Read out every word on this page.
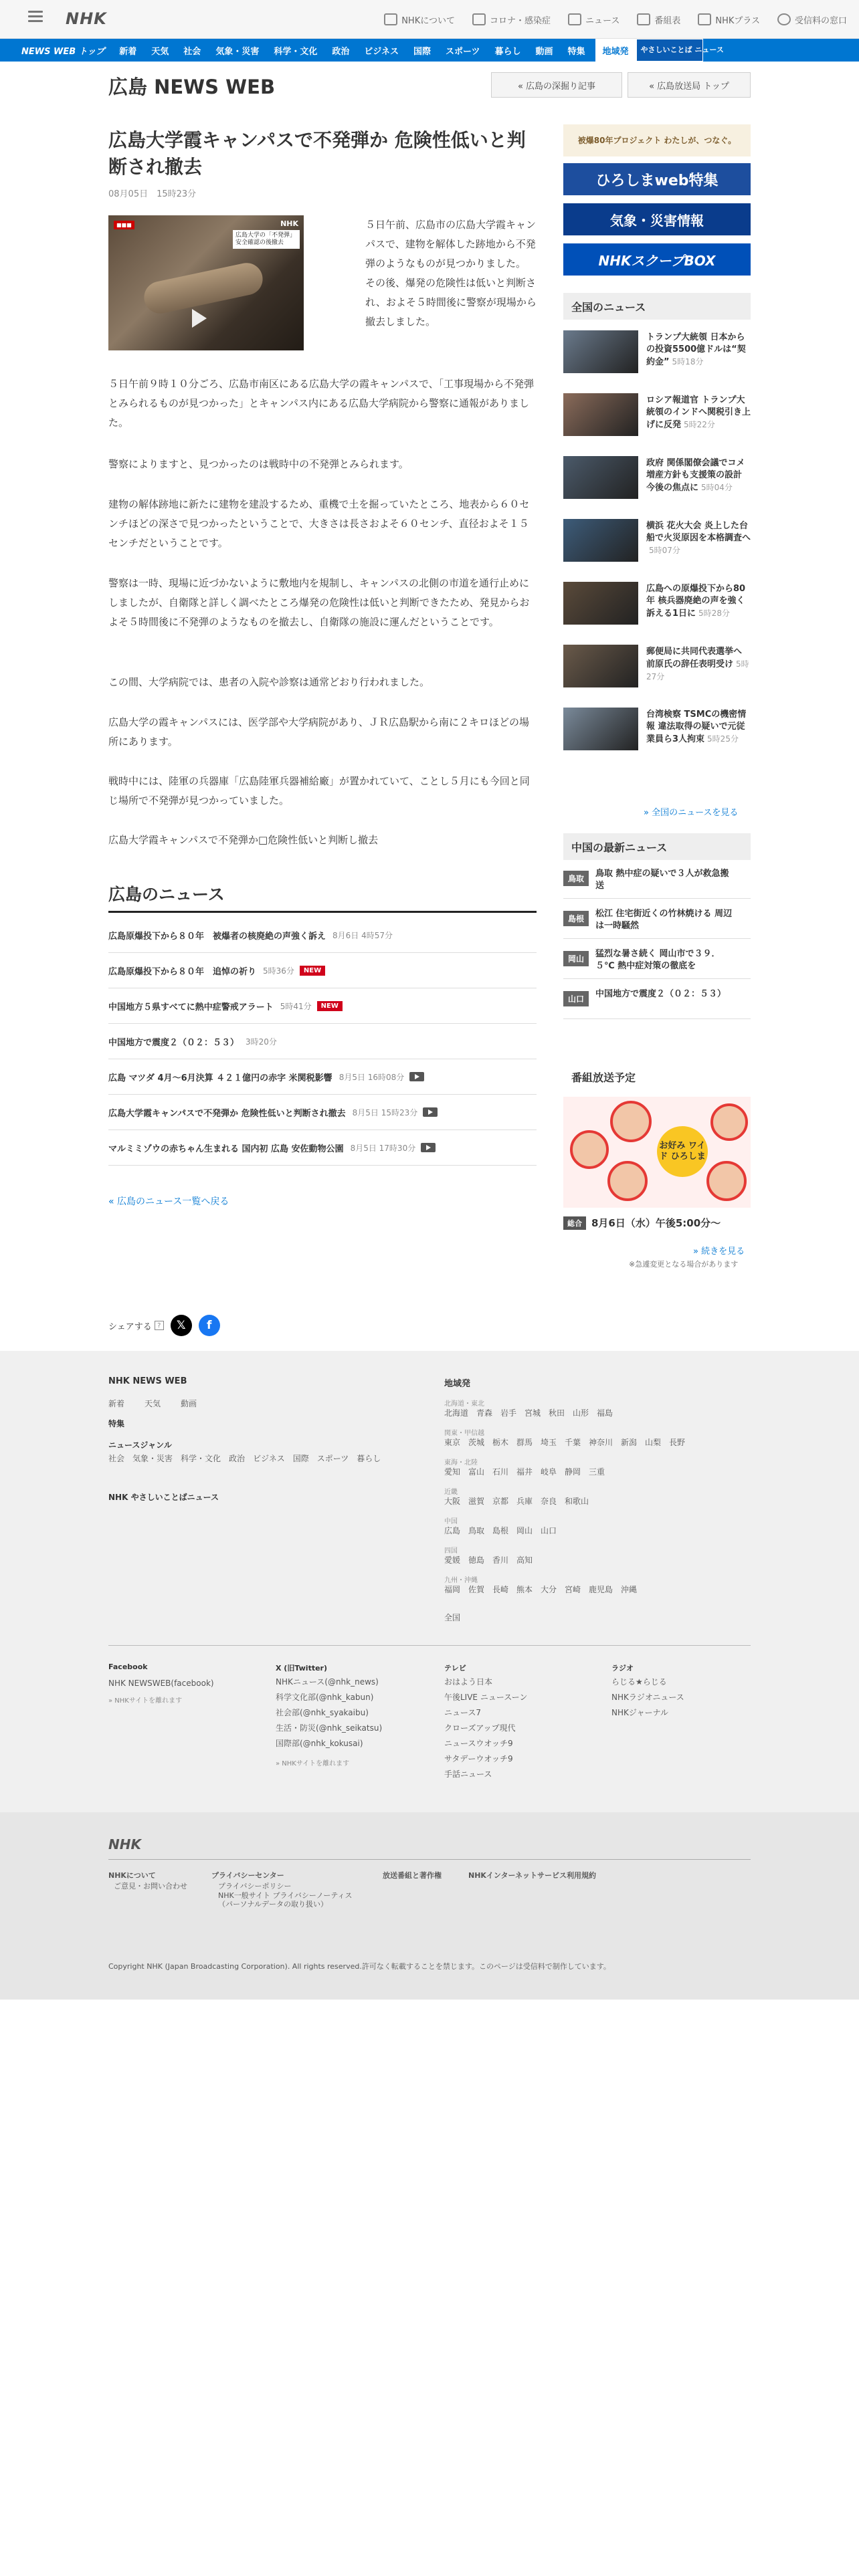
NHK	NHKについて	コロナ・感染症	ニュース	番組表	NHKプラス	受信料の窓口
NEWS WEB トップ	新着	天気	社会	気象・災害	科学・文化	政治	ビジネス	国際	スポーツ	暮らし	動画	特集	地域発	やさしいことば ニュース
広島 NEWS WEB	« 広島の深掘り記事	« 広島放送局 トップ
広島大学霞キャンパスで不発弾か 危険性低いと判断され撤去
08月05日　15時23分
■■■	NHK
広島大学の「不発弾」 安全確認の後撤去
５日午前、広島市の広島大学霞キャンパスで、建物を解体した跡地から不発弾のようなものが見つかりました。
その後、爆発の危険性は低いと判断され、およそ５時間後に警察が現場から撤去しました。

５日午前９時１０分ごろ、広島市南区にある広島大学の霞キャンパスで、「工事現場から不発弾とみられるものが見つかった」とキャンパス内にある広島大学病院から警察に通報がありました。

警察によりますと、見つかったのは戦時中の不発弾とみられます。

建物の解体跡地に新たに建物を建設するため、重機で土を掘っていたところ、地表から６０センチほどの深さで見つかったということで、大きさは長さおよそ６０センチ、直径およそ１５センチだということです。

警察は一時、現場に近づかないように敷地内を規制し、キャンパスの北側の市道を通行止めにしましたが、自衛隊と詳しく調べたところ爆発の危険性は低いと判断できたため、発見からおよそ５時間後に不発弾のようなものを撤去し、自衛隊の施設に運んだということです。

この間、大学病院では、患者の入院や診察は通常どおり行われました。

広島大学の霞キャンパスには、医学部や大学病院があり、ＪＲ広島駅から南に２キロほどの場所にあります。

戦時中には、陸軍の兵器庫「広島陸軍兵器補給廠」が置かれていて、ことし５月にも今回と同じ場所で不発弾が見つかっていました。

広島大学霞キャンパスで不発弾か□危険性低いと判断し撤去

広島のニュース
広島原爆投下から８０年　被爆者の核廃絶の声強く訴え 8月6日 4時57分
広島原爆投下から８０年　追悼の祈り 5時36分	NEW
中国地方５県すべてに熱中症警戒アラート 5時41分	NEW
中国地方で震度２（０２：５３） 3時20分
広島 マツダ 4月〜6月決算 ４２１億円の赤字 米関税影響 8月5日 16時08分
広島大学霞キャンパスで不発弾か 危険性低いと判断され撤去 8月5日 15時23分
マルミミゾウの赤ちゃん生まれる 国内初 広島 安佐動物公園 8月5日 17時30分
« 広島のニュース一覧へ戻る
シェアする ?	𝕏	f
被爆80年プロジェクト わたしが、つなぐ。
ひろしまweb特集
気象・災害情報
NHKスクープBOX
全国のニュース
トランプ大統領 日本からの投資5500億ドルは“契約金” 5時18分
ロシア報道官 トランプ大統領のインドへ関税引き上げに反発 5時22分
政府 関係閣僚会議でコメ増産方針も支援策の設計 今後の焦点に 5時04分
横浜 花火大会 炎上した台船で火災原因を本格調査へ5時07分
広島への原爆投下から80年 核兵器廃絶の声を強く訴える1日に 5時28分
郵便局に共同代表選挙へ 前原氏の辞任表明受け 5時27分
台湾検察 TSMCの機密情報 違法取得の疑いで元従業員ら3人拘束 5時25分
» 全国のニュースを見る
中国の最新ニュース
鳥取	鳥取 熱中症の疑いで３人が救急搬送
島根	松江 住宅街近くの竹林焼ける 周辺は一時騒然
岡山	猛烈な暑さ続く 岡山市で３９．５℃ 熱中症対策の徹底を
山口	中国地方で震度２（０２：５３）
番組放送予定
お好み ワイド ひろしま
総合 8月6日（水）午後5:00分〜
» 続きを見る
※急遽変更となる場合があります
NHK NEWS WEB
新着	天気	動画
特集
ニュースジャンル
社会 気象・災害 科学・文化 政治 ビジネス 国際 スポーツ 暮らし
NHK やさしいことばニュース
地域発
北海道・東北
北海道　青森　岩手　宮城　秋田　山形　福島
関東・甲信越
東京　茨城　栃木　群馬　埼玉　千葉　神奈川　新潟　山梨　長野
東海・北陸
愛知　富山　石川　福井　岐阜　静岡　三重
近畿
大阪　滋賀　京都　兵庫　奈良　和歌山
中国
広島　鳥取　島根　岡山　山口
四国
愛媛　徳島　香川　高知
九州・沖縄
福岡　佐賀　長崎　熊本　大分　宮崎　鹿児島　沖縄
全国
Facebook
NHK NEWSWEB(facebook)
» NHKサイトを離れます
X (旧Twitter)
NHKニュース(@nhk_news)
科学文化部(@nhk_kabun)
社会部(@nhk_syakaibu)
生活・防災(@nhk_seikatsu)
国際部(@nhk_kokusai)
» NHKサイトを離れます
テレビ
おはよう日本
午後LIVE ニュースーン
ニュース7
クローズアップ現代
ニュースウオッチ9
サタデーウオッチ9
手話ニュース
ラジオ
らじる★らじる
NHKラジオニュース
NHKジャーナル
NHK
NHKについて
ご意見・お問い合わせ
プライバシーセンター
プライバシーポリシー
NHK一般サイト プライバシーノーティス（パーソナルデータの取り扱い）
放送番組と著作権	NHKインターネットサービス利用規約
Copyright NHK (Japan Broadcasting Corporation). All rights reserved.許可なく転載することを禁じます。このページは受信料で制作しています。
